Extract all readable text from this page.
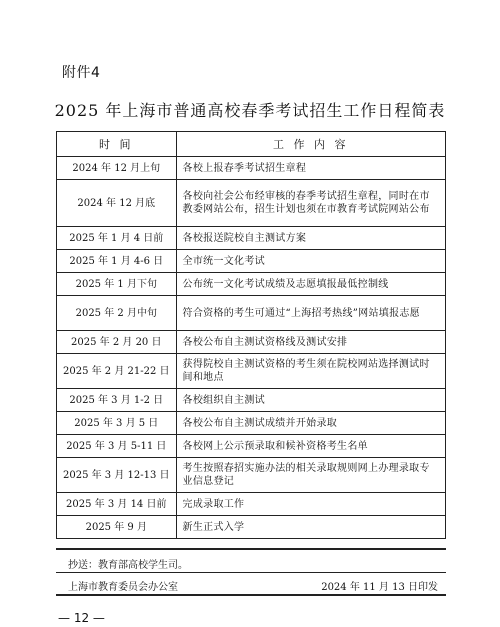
附件4
2025 年上海市普通高校春季考试招生工作日程简表
时 间	工 作 内 容
2024 年 12 月上旬	各校上报春季考试招生章程
2024 年 12 月底	各校向社会公布经审核的春季考试招生章程，同时在市教委网站公布，招生计划也须在市教育考试院网站公布
2025 年 1 月 4 日前	各校报送院校自主测试方案
2025 年 1 月 4-6 日	全市统一文化考试
2025 年 1 月下旬	公布统一文化考试成绩及志愿填报最低控制线
2025 年 2 月中旬	符合资格的考生可通过“上海招考热线”网站填报志愿
2025 年 2 月 20 日	各校公布自主测试资格线及测试安排
2025 年 2 月 21-22 日	获得院校自主测试资格的考生须在院校网站选择测试时间和地点
2025 年 3 月 1-2 日	各校组织自主测试
2025 年 3 月 5 日	各校公布自主测试成绩并开始录取
2025 年 3 月 5-11 日	各校网上公示预录取和候补资格考生名单
2025 年 3 月 12-13 日	考生按照春招实施办法的相关录取规则网上办理录取专业信息登记
2025 年 3 月 14 日前	完成录取工作
2025 年 9 月	新生正式入学
抄送：教育部高校学生司。
上海市教育委员会办公室	2024 年 11 月 13 日印发
— 12 —
